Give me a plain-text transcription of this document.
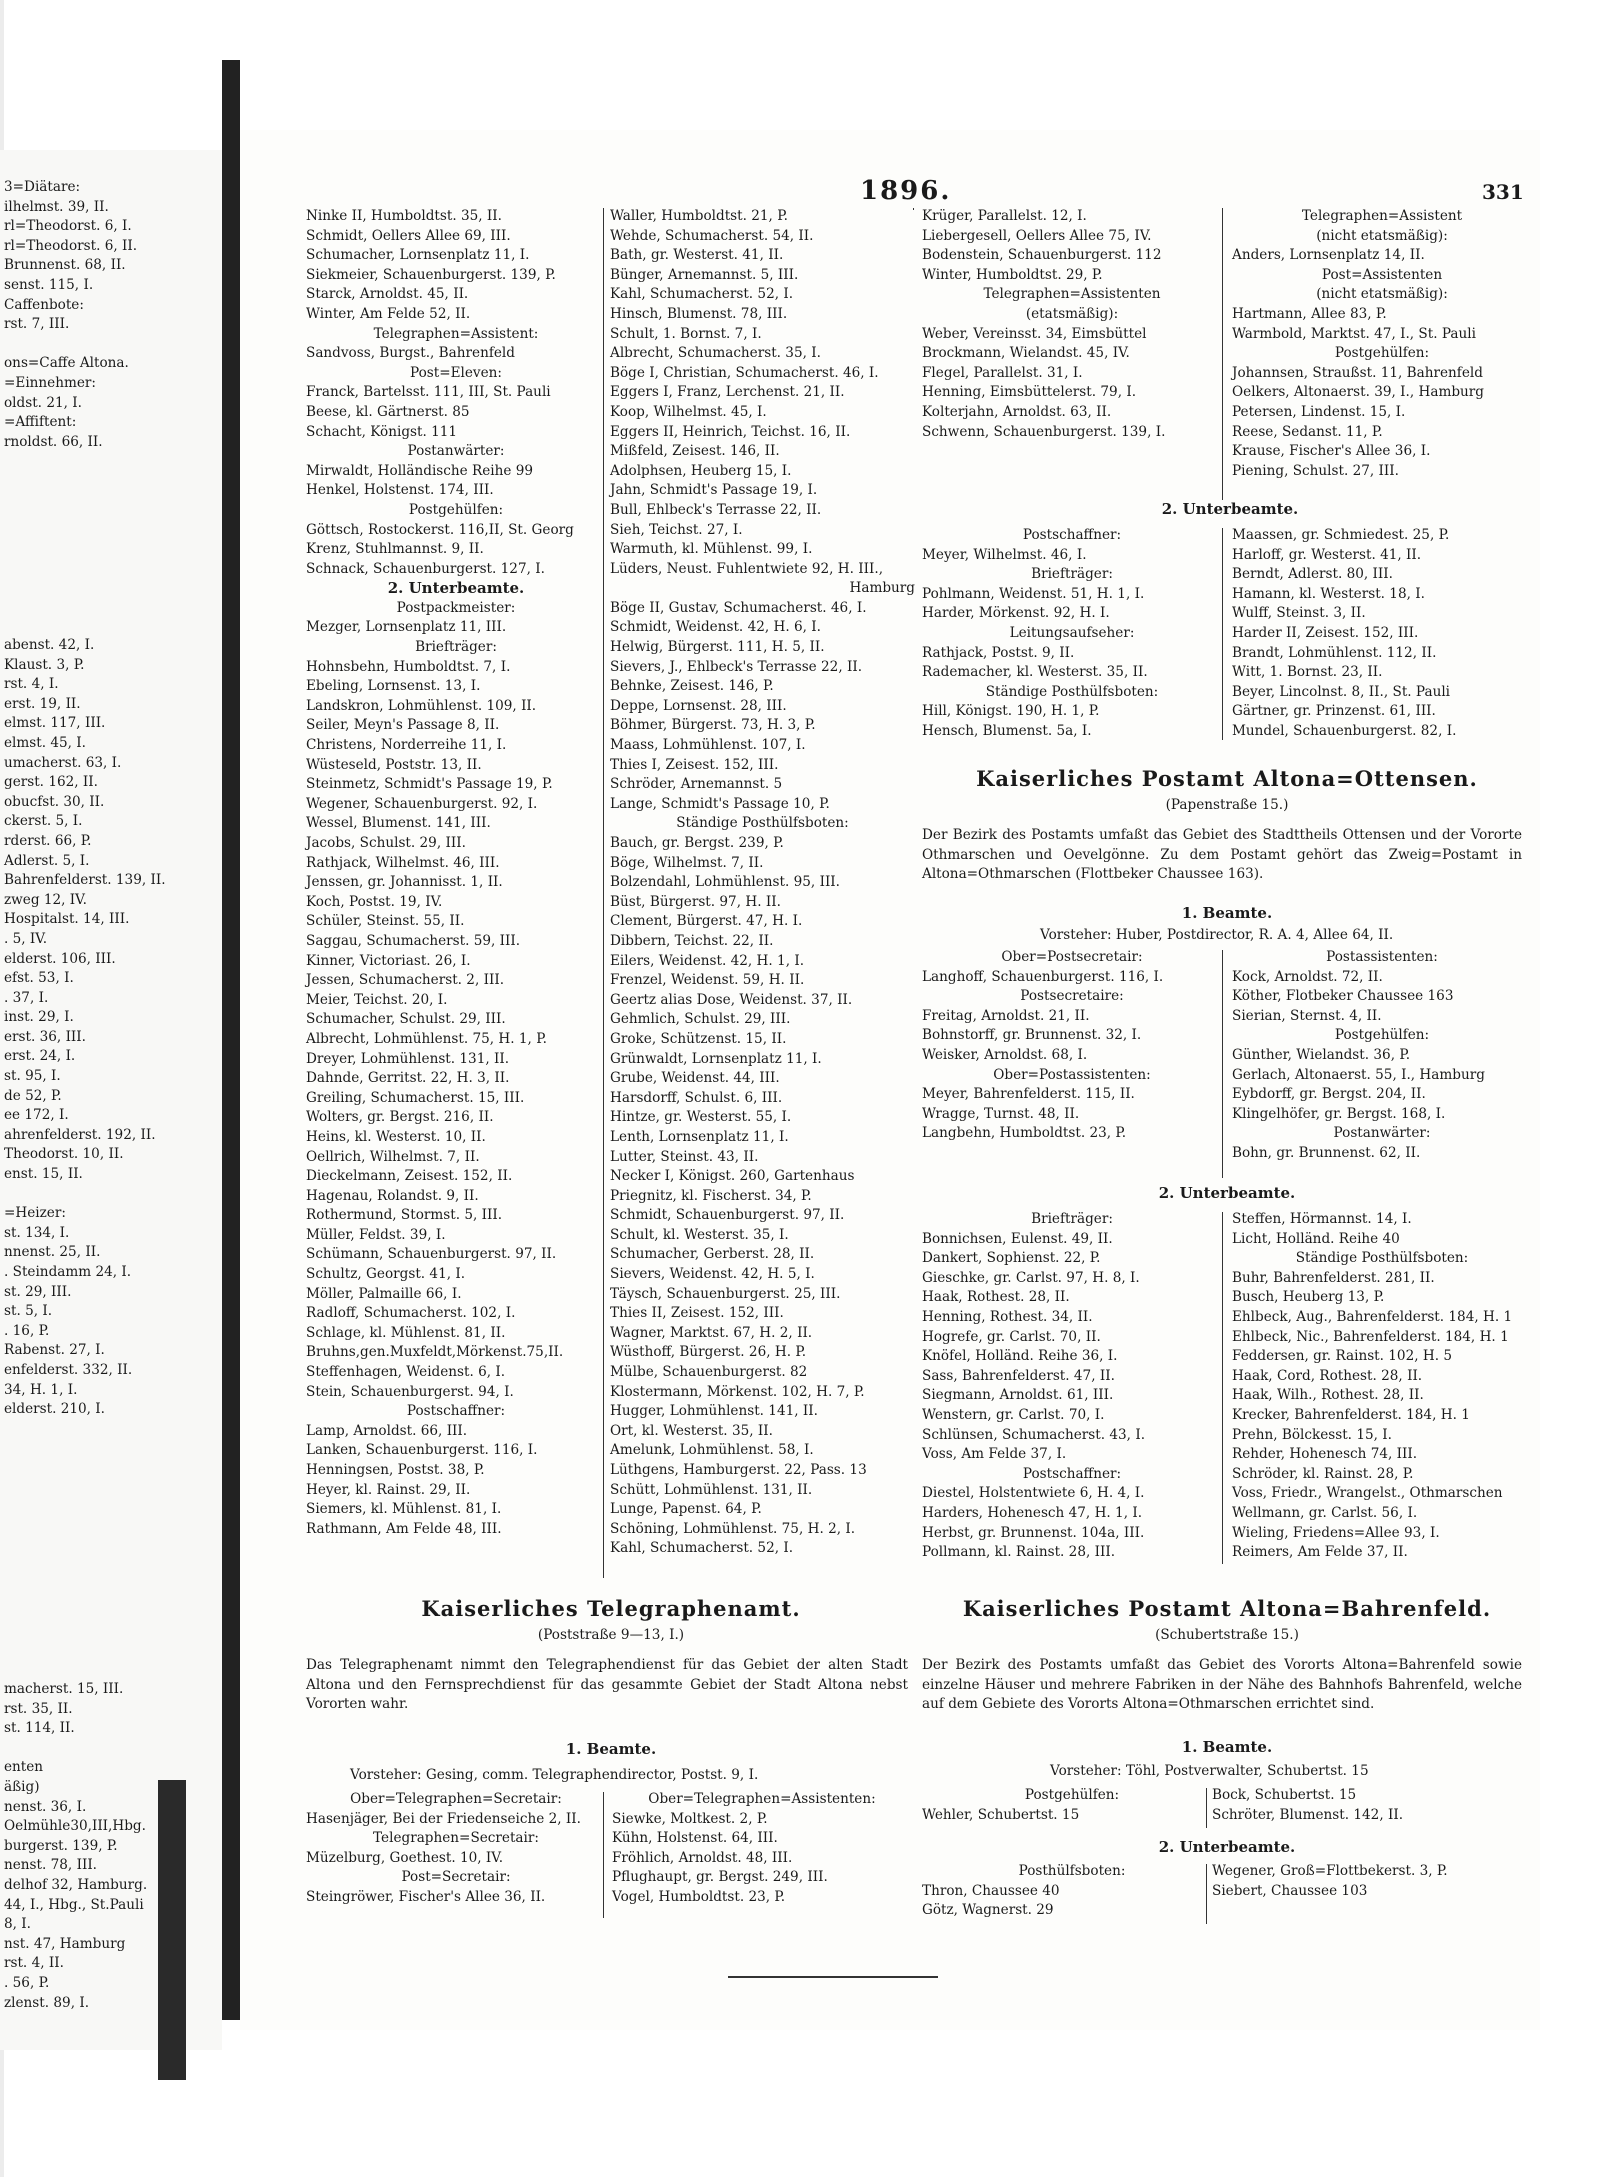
3=Diätare:
ilhelmst. 39, II.
rl=Theodorst. 6, I.
rl=Theodorst. 6, II.
Brunnenst. 68, II.
senst. 115, I.
Caffenbote:
rst. 7, III.

ons=Caffe Altona.
=Einnehmer:
oldst. 21, I.
=Affiftent:
rnoldst. 66, II.
abenst. 42, I.
Klaust. 3, P.
rst. 4, I.
erst. 19, II.
elmst. 117, III.
elmst. 45, I.
umacherst. 63, I.
gerst. 162, II.
obucfst. 30, II.
ckerst. 5, I.
rderst. 66, P.
Adlerst. 5, I.
Bahrenfelderst. 139, II.
zweg 12, IV.
Hospitalst. 14, III.
. 5, IV.
elderst. 106, III.
efst. 53, I.
. 37, I.
inst. 29, I.
erst. 36, III.
erst. 24, I.
st. 95, I.
de 52, P.
ee 172, I.
ahrenfelderst. 192, II.
Theodorst. 10, II.
enst. 15, II.

=Heizer:
st. 134, I.
nnenst. 25, II.
. Steindamm 24, I.
st. 29, III.
st. 5, I.
. 16, P.
Rabenst. 27, I.
enfelderst. 332, II.
34, H. 1, I.
elderst. 210, I.
macherst. 15, III.
rst. 35, II.
st. 114, II.

enten
äßig)
nenst. 36, I.
Oelmühle30,III,Hbg.
burgerst. 139, P.
nenst. 78, III.
delhof 32, Hamburg.
44, I., Hbg., St.Pauli
8, I.
nst. 47, Hamburg
rst. 4, II.
. 56, P.
zlenst. 89, I.
1896.	331
Ninke II, Humboldtst. 35, II.
Schmidt, Oellers Allee 69, III.
Schumacher, Lornsenplatz 11, I.
Siekmeier, Schauenburgerst. 139, P.
Starck, Arnoldst. 45, II.
Winter, Am Felde 52, II.
Telegraphen=Assistent:
Sandvoss, Burgst., Bahrenfeld
Post=Eleven:
Franck, Bartelsst. 111, III, St. Pauli
Beese, kl. Gärtnerst. 85
Schacht, Königst. 111
Postanwärter:
Mirwaldt, Holländische Reihe 99
Henkel, Holstenst. 174, III.
Postgehülfen:
Göttsch, Rostockerst. 116,II, St. Georg
Krenz, Stuhlmannst. 9, II.
Schnack, Schauenburgerst. 127, I.
2. Unterbeamte.
Postpackmeister:
Mezger, Lornsenplatz 11, III.
Briefträger:
Hohnsbehn, Humboldtst. 7, I.
Ebeling, Lornsenst. 13, I.
Landskron, Lohmühlenst. 109, II.
Seiler, Meyn's Passage 8, II.
Christens, Norderreihe 11, I.
Wüsteseld, Poststr. 13, II.
Steinmetz, Schmidt's Passage 19, P.
Wegener, Schauenburgerst. 92, I.
Wessel, Blumenst. 141, III.
Jacobs, Schulst. 29, III.
Rathjack, Wilhelmst. 46, III.
Jenssen, gr. Johannisst. 1, II.
Koch, Postst. 19, IV.
Schüler, Steinst. 55, II.
Saggau, Schumacherst. 59, III.
Kinner, Victoriast. 26, I.
Jessen, Schumacherst. 2, III.
Meier, Teichst. 20, I.
Schumacher, Schulst. 29, III.
Albrecht, Lohmühlenst. 75, H. 1, P.
Dreyer, Lohmühlenst. 131, II.
Dahnde, Gerritst. 22, H. 3, II.
Greiling, Schumacherst. 15, III.
Wolters, gr. Bergst. 216, II.
Heins, kl. Westerst. 10, II.
Oellrich, Wilhelmst. 7, II.
Dieckelmann, Zeisest. 152, II.
Hagenau, Rolandst. 9, II.
Rothermund, Stormst. 5, III.
Müller, Feldst. 39, I.
Schümann, Schauenburgerst. 97, II.
Schultz, Georgst. 41, I.
Möller, Palmaille 66, I.
Radloff, Schumacherst. 102, I.
Schlage, kl. Mühlenst. 81, II.
Bruhns,gen.Muxfeldt,Mörkenst.75,II.
Steffenhagen, Weidenst. 6, I.
Stein, Schauenburgerst. 94, I.
Postschaffner:
Lamp, Arnoldst. 66, III.
Lanken, Schauenburgerst. 116, I.
Henningsen, Postst. 38, P.
Heyer, kl. Rainst. 29, II.
Siemers, kl. Mühlenst. 81, I.
Rathmann, Am Felde 48, III.
Waller, Humboldtst. 21, P.
Wehde, Schumacherst. 54, II.
Bath, gr. Westerst. 41, II.
Bünger, Arnemannst. 5, III.
Kahl, Schumacherst. 52, I.
Hinsch, Blumenst. 78, III.
Schult, 1. Bornst. 7, I.
Albrecht, Schumacherst. 35, I.
Böge I, Christian, Schumacherst. 46, I.
Eggers I, Franz, Lerchenst. 21, II.
Koop, Wilhelmst. 45, I.
Eggers II, Heinrich, Teichst. 16, II.
Mißfeld, Zeisest. 146, II.
Adolphsen, Heuberg 15, I.
Jahn, Schmidt's Passage 19, I.
Bull, Ehlbeck's Terrasse 22, II.
Sieh, Teichst. 27, I.
Warmuth, kl. Mühlenst. 99, I.
Lüders, Neust. Fuhlentwiete 92, H. III.,
Hamburg
Böge II, Gustav, Schumacherst. 46, I.
Schmidt, Weidenst. 42, H. 6, I.
Helwig, Bürgerst. 111, H. 5, II.
Sievers, J., Ehlbeck's Terrasse 22, II.
Behnke, Zeisest. 146, P.
Deppe, Lornsenst. 28, III.
Böhmer, Bürgerst. 73, H. 3, P.
Maass, Lohmühlenst. 107, I.
Thies I, Zeisest. 152, III.
Schröder, Arnemannst. 5
Lange, Schmidt's Passage 10, P.
Ständige Posthülfsboten:
Bauch, gr. Bergst. 239, P.
Böge, Wilhelmst. 7, II.
Bolzendahl, Lohmühlenst. 95, III.
Büst, Bürgerst. 97, H. II.
Clement, Bürgerst. 47, H. I.
Dibbern, Teichst. 22, II.
Eilers, Weidenst. 42, H. 1, I.
Frenzel, Weidenst. 59, H. II.
Geertz alias Dose, Weidenst. 37, II.
Gehmlich, Schulst. 29, III.
Groke, Schützenst. 15, II.
Grünwaldt, Lornsenplatz 11, I.
Grube, Weidenst. 44, III.
Harsdorff, Schulst. 6, III.
Hintze, gr. Westerst. 55, I.
Lenth, Lornsenplatz 11, I.
Lutter, Steinst. 43, II.
Necker I, Königst. 260, Gartenhaus
Priegnitz, kl. Fischerst. 34, P.
Schmidt, Schauenburgerst. 97, II.
Schult, kl. Westerst. 35, I.
Schumacher, Gerberst. 28, II.
Sievers, Weidenst. 42, H. 5, I.
Täysch, Schauenburgerst. 25, III.
Thies II, Zeisest. 152, III.
Wagner, Marktst. 67, H. 2, II.
Wüsthoff, Bürgerst. 26, H. P.
Mülbe, Schauenburgerst. 82
Klostermann, Mörkenst. 102, H. 7, P.
Hugger, Lohmühlenst. 141, II.
Ort, kl. Westerst. 35, II.
Amelunk, Lohmühlenst. 58, I.
Lüthgens, Hamburgerst. 22, Pass. 13
Schütt, Lohmühlenst. 131, II.
Lunge, Papenst. 64, P.
Schöning, Lohmühlenst. 75, H. 2, I.
Kahl, Schumacherst. 52, I.
Krüger, Parallelst. 12, I.
Liebergesell, Oellers Allee 75, IV.
Bodenstein, Schauenburgerst. 112
Winter, Humboldtst. 29, P.
Telegraphen=Assistenten
(etatsmäßig):
Weber, Vereinsst. 34, Eimsbüttel
Brockmann, Wielandst. 45, IV.
Flegel, Parallelst. 31, I.
Henning, Eimsbüttelerst. 79, I.
Kolterjahn, Arnoldst. 63, II.
Schwenn, Schauenburgerst. 139, I.
Telegraphen=Assistent
(nicht etatsmäßig):
Anders, Lornsenplatz 14, II.
Post=Assistenten
(nicht etatsmäßig):
Hartmann, Allee 83, P.
Warmbold, Marktst. 47, I., St. Pauli
Postgehülfen:
Johannsen, Straußst. 11, Bahrenfeld
Oelkers, Altonaerst. 39, I., Hamburg
Petersen, Lindenst. 15, I.
Reese, Sedanst. 11, P.
Krause, Fischer's Allee 36, I.
Piening, Schulst. 27, III.
2. Unterbeamte.
Postschaffner:
Meyer, Wilhelmst. 46, I.
Briefträger:
Pohlmann, Weidenst. 51, H. 1, I.
Harder, Mörkenst. 92, H. I.
Leitungsaufseher:
Rathjack, Postst. 9, II.
Rademacher, kl. Westerst. 35, II.
Ständige Posthülfsboten:
Hill, Königst. 190, H. 1, P.
Hensch, Blumenst. 5a, I.
Maassen, gr. Schmiedest. 25, P.
Harloff, gr. Westerst. 41, II.
Berndt, Adlerst. 80, III.
Hamann, kl. Westerst. 18, I.
Wulff, Steinst. 3, II.
Harder II, Zeisest. 152, III.
Brandt, Lohmühlenst. 112, II.
Witt, 1. Bornst. 23, II.
Beyer, Lincolnst. 8, II., St. Pauli
Gärtner, gr. Prinzenst. 61, III.
Mundel, Schauenburgerst. 82, I.
Kaiserliches Postamt Altona=Ottensen.
(Papenstraße 15.)
Der Bezirk des Postamts umfaßt das Gebiet des Stadttheils Ottensen und der Vororte Othmarschen und Oevelgönne. Zu dem Postamt gehört das Zweig=Postamt in Altona=Othmarschen (Flottbeker Chaussee 163).
1. Beamte.
Vorsteher: Huber, Postdirector, R. A. 4, Allee 64, II.
Ober=Postsecretair:
Langhoff, Schauenburgerst. 116, I.
Postsecretaire:
Freitag, Arnoldst. 21, II.
Bohnstorff, gr. Brunnenst. 32, I.
Weisker, Arnoldst. 68, I.
Ober=Postassistenten:
Meyer, Bahrenfelderst. 115, II.
Wragge, Turnst. 48, II.
Langbehn, Humboldtst. 23, P.
Postassistenten:
Kock, Arnoldst. 72, II.
Köther, Flotbeker Chaussee 163
Sierian, Sternst. 4, II.
Postgehülfen:
Günther, Wielandst. 36, P.
Gerlach, Altonaerst. 55, I., Hamburg
Eybdorff, gr. Bergst. 204, II.
Klingelhöfer, gr. Bergst. 168, I.
Postanwärter:
Bohn, gr. Brunnenst. 62, II.
2. Unterbeamte.
Briefträger:
Bonnichsen, Eulenst. 49, II.
Dankert, Sophienst. 22, P.
Gieschke, gr. Carlst. 97, H. 8, I.
Haak, Rothest. 28, II.
Henning, Rothest. 34, II.
Hogrefe, gr. Carlst. 70, II.
Knöfel, Holländ. Reihe 36, I.
Sass, Bahrenfelderst. 47, II.
Siegmann, Arnoldst. 61, III.
Wenstern, gr. Carlst. 70, I.
Schlünsen, Schumacherst. 43, I.
Voss, Am Felde 37, I.
Postschaffner:
Diestel, Holstentwiete 6, H. 4, I.
Harders, Hohenesch 47, H. 1, I.
Herbst, gr. Brunnenst. 104a, III.
Pollmann, kl. Rainst. 28, III.
Steffen, Hörmannst. 14, I.
Licht, Holländ. Reihe 40
Ständige Posthülfsboten:
Buhr, Bahrenfelderst. 281, II.
Busch, Heuberg 13, P.
Ehlbeck, Aug., Bahrenfelderst. 184, H. 1
Ehlbeck, Nic., Bahrenfelderst. 184, H. 1
Feddersen, gr. Rainst. 102, H. 5
Haak, Cord, Rothest. 28, II.
Haak, Wilh., Rothest. 28, II.
Krecker, Bahrenfelderst. 184, H. 1
Prehn, Bölckesst. 15, I.
Rehder, Hohenesch 74, III.
Schröder, kl. Rainst. 28, P.
Voss, Friedr., Wrangelst., Othmarschen
Wellmann, gr. Carlst. 56, I.
Wieling, Friedens=Allee 93, I.
Reimers, Am Felde 37, II.
Kaiserliches Telegraphenamt.
(Poststraße 9—13, I.)
Das Telegraphenamt nimmt den Telegraphendienst für das Gebiet der alten Stadt Altona und den Fernsprechdienst für das gesammte Gebiet der Stadt Altona nebst Vororten wahr.
1. Beamte.
Vorsteher: Gesing, comm. Telegraphendirector, Postst. 9, I.
Ober=Telegraphen=Secretair:
Hasenjäger, Bei der Friedenseiche 2, II.
Telegraphen=Secretair:
Müzelburg, Goethest. 10, IV.
Post=Secretair:
Steingröwer, Fischer's Allee 36, II.
Ober=Telegraphen=Assistenten:
Siewke, Moltkest. 2, P.
Kühn, Holstenst. 64, III.
Fröhlich, Arnoldst. 48, III.
Pflughaupt, gr. Bergst. 249, III.
Vogel, Humboldtst. 23, P.
Kaiserliches Postamt Altona=Bahrenfeld.
(Schubertstraße 15.)
Der Bezirk des Postamts umfaßt das Gebiet des Vororts Altona=Bahrenfeld sowie einzelne Häuser und mehrere Fabriken in der Nähe des Bahnhofs Bahrenfeld, welche auf dem Gebiete des Vororts Altona=Othmarschen errichtet sind.
1. Beamte.
Vorsteher: Töhl, Postverwalter, Schubertst. 15
Postgehülfen:
Wehler, Schubertst. 15
Bock, Schubertst. 15
Schröter, Blumenst. 142, II.
2. Unterbeamte.
Posthülfsboten:
Thron, Chaussee 40
Götz, Wagnerst. 29
Wegener, Groß=Flottbekerst. 3, P.
Siebert, Chaussee 103
